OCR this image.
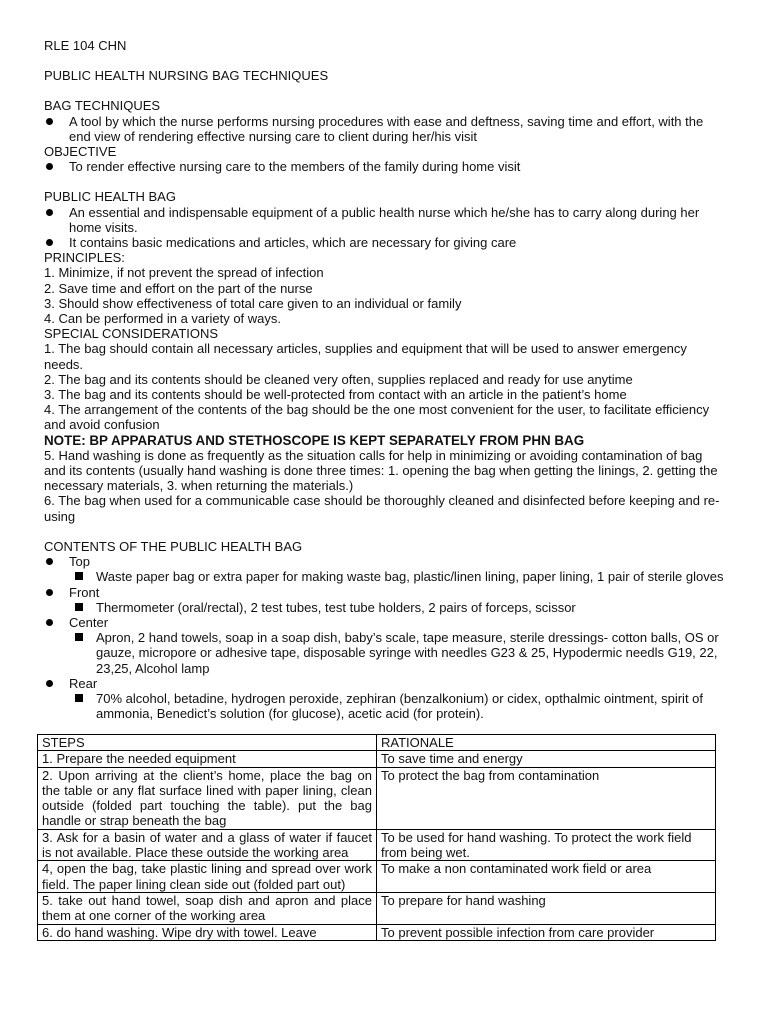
RLE 104 CHN

PUBLIC HEALTH NURSING BAG TECHNIQUES

BAG TECHNIQUES

A tool by which the nurse performs nursing procedures with ease and deftness, saving time and effort, with the end view of rendering effective nursing care to client during her/his visit

OBJECTIVE

To render effective nursing care to the members of the family during home visit

PUBLIC HEALTH BAG

An essential and indispensable equipment of a public health nurse which he/she has to carry along during her home visits.
It contains basic medications and articles, which are necessary for giving care

PRINCIPLES:

1. Minimize, if not prevent the spread of infection

2. Save time and effort on the part of the nurse

3. Should show effectiveness of total care given to an individual or family

4. Can be performed in a variety of ways.

SPECIAL CONSIDERATIONS

1. The bag should contain all necessary articles, supplies and equipment that will be used to answer emergency needs.

2. The bag and its contents should be cleaned very often, supplies replaced and ready for use anytime

3. The bag and its contents should be well-protected from contact with an article in the patient’s home

4. The arrangement of the contents of the bag should be the one most convenient for the user, to facilitate efficiency and avoid confusion

NOTE: BP APPARATUS AND STETHOSCOPE IS KEPT SEPARATELY FROM PHN BAG

5. Hand washing is done as frequently as the situation calls for help in minimizing or avoiding contamination of bag and its contents (usually hand washing is done three times: 1. opening the bag when getting the linings, 2. getting the necessary materials, 3. when returning the materials.)

6. The bag when used for a communicable case should be thoroughly cleaned and disinfected before keeping and re-using

CONTENTS OF THE PUBLIC HEALTH BAG

Top
Waste paper bag or extra paper for making waste bag, plastic/linen lining, paper lining, 1 pair of sterile gloves
Front
Thermometer (oral/rectal), 2 test tubes, test tube holders, 2 pairs of forceps, scissor
Center
Apron, 2 hand towels, soap in a soap dish, baby’s scale, tape measure, sterile dressings- cotton balls, OS or gauze, micropore or adhesive tape, disposable syringe with needles G23 & 25, Hypodermic needls G19, 22, 23,25, Alcohol lamp
Rear
70% alcohol, betadine, hydrogen peroxide, zephiran (benzalkonium) or cidex, opthalmic ointment, spirit of ammonia, Benedict’s solution (for glucose), acetic acid (for protein).
STEPS	RATIONALE
1. Prepare the needed equipment	To save time and energy
2. Upon arriving at the client’s home, place the bag on the table or any flat surface lined with paper lining, clean outside (folded part touching the table). put the bag handle or strap beneath the bag	To protect the bag from contamination
3. Ask for a basin of water and a glass of water if faucet is not available. Place these outside the working area	To be used for hand washing. To protect the work field from being wet.
4, open the bag, take plastic lining and spread over work field. The paper lining clean side out (folded part out)	To make a non contaminated work field or area
5. take out hand towel, soap dish and apron and place them at one corner of the working area	To prepare for hand washing
6. do hand washing. Wipe dry with towel. Leave	To prevent possible infection from care provider
